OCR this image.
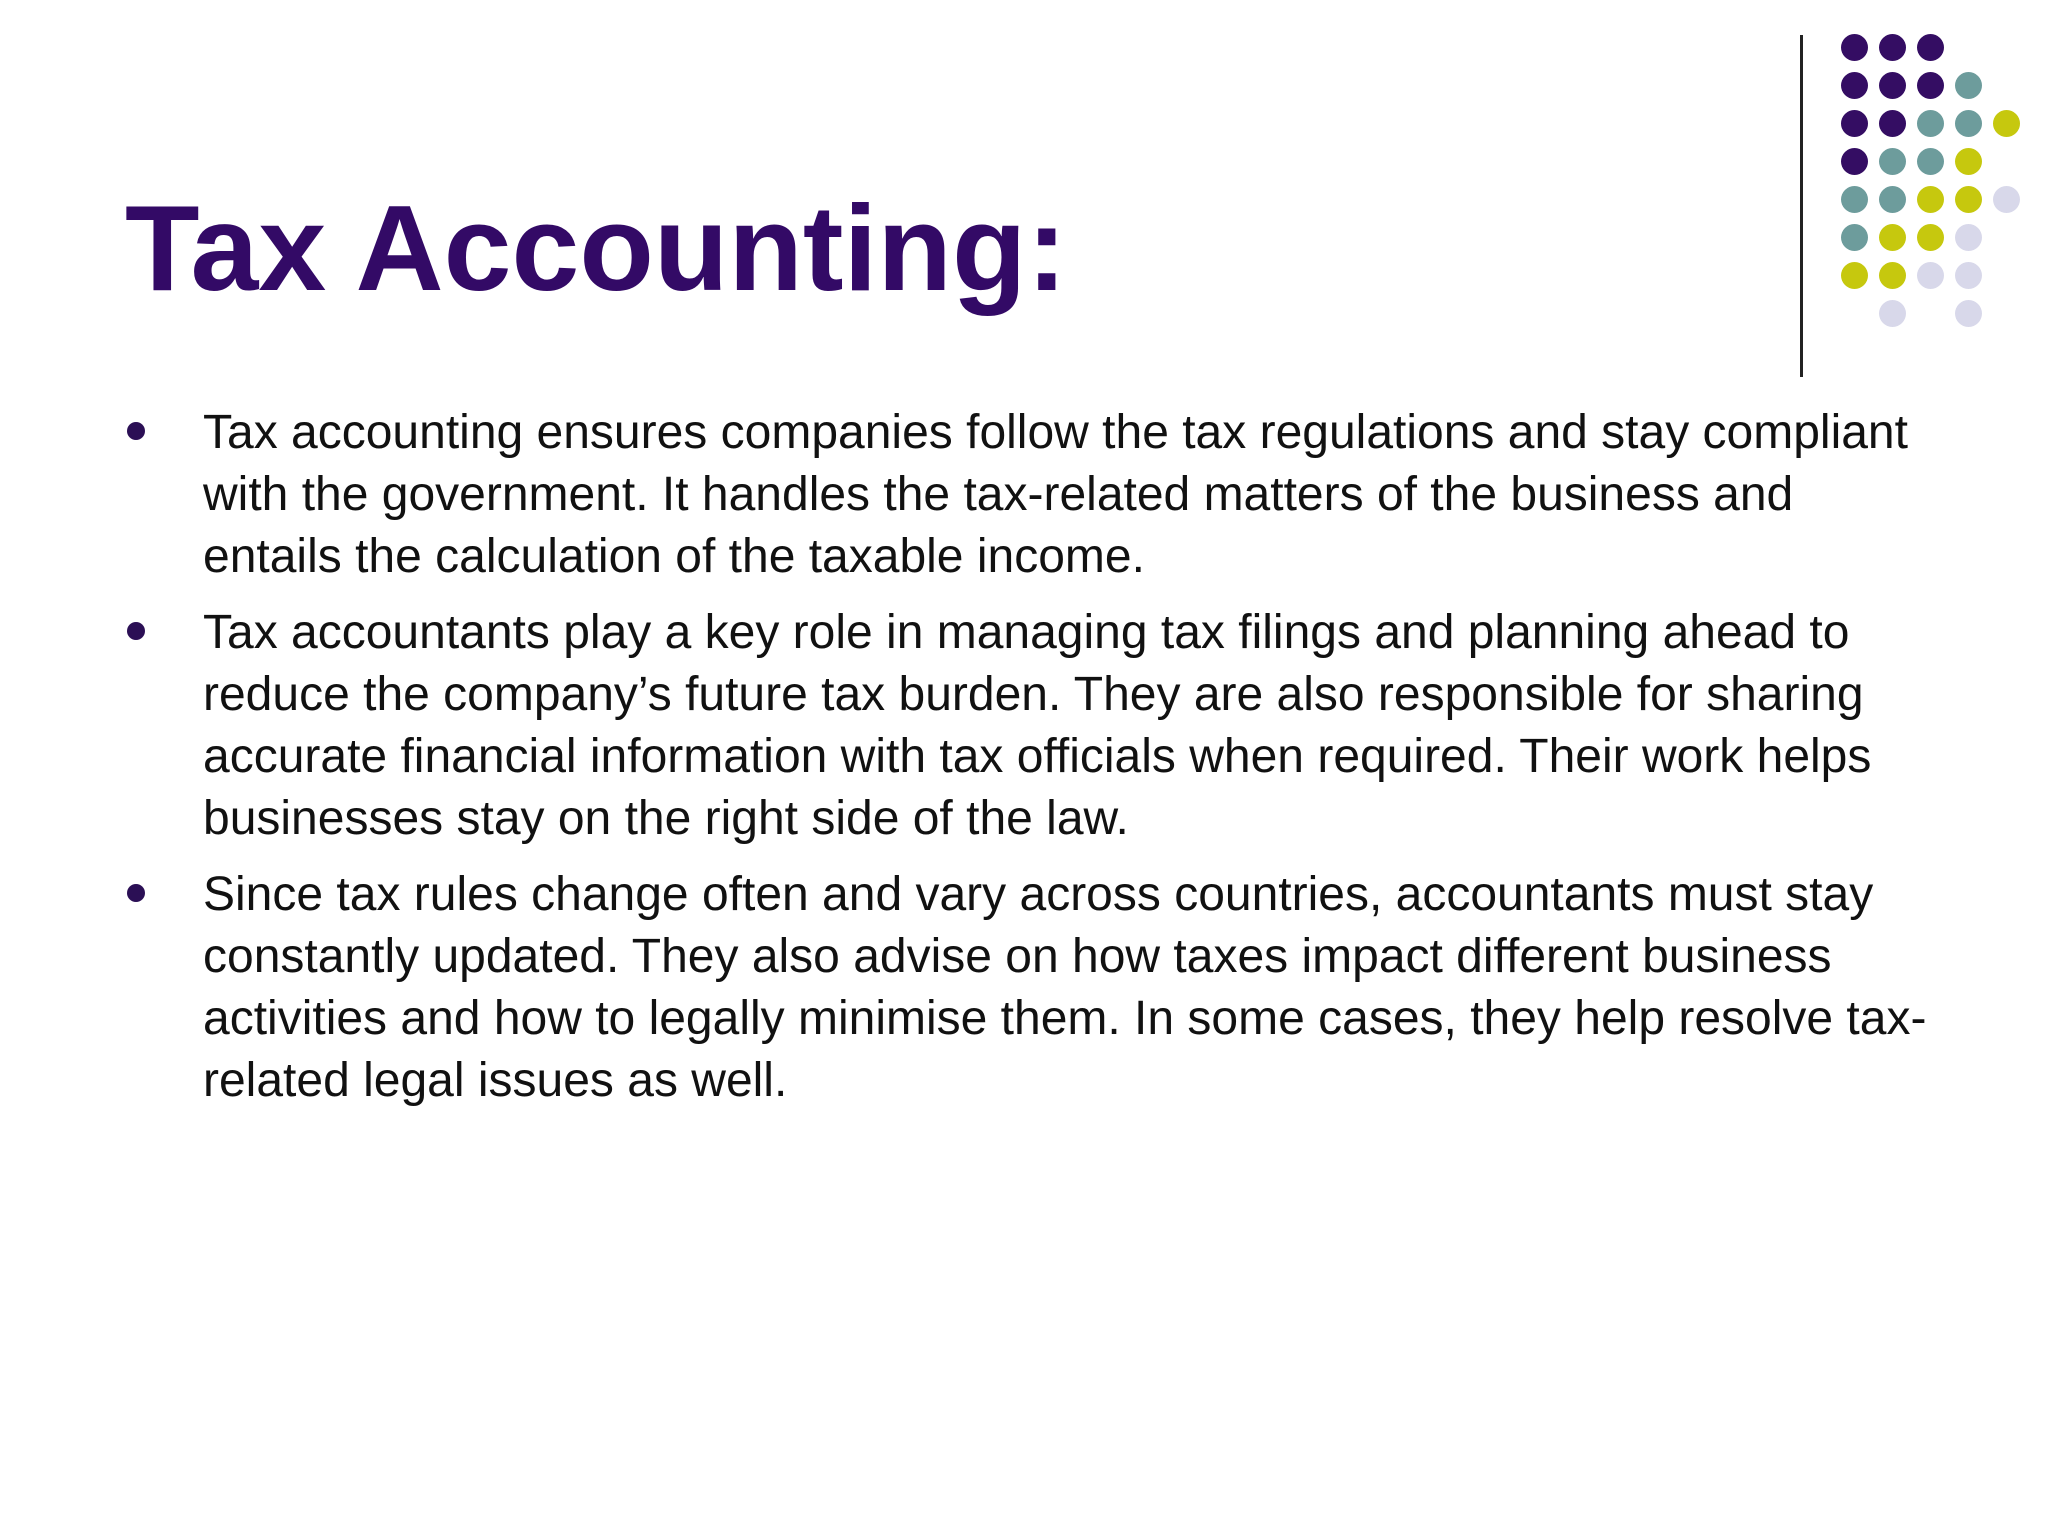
Tax Accounting:
Tax accounting ensures companies follow the tax regulations and stay compliant with the government. It handles the tax-related matters of the business and entails the calculation of the taxable income.
Tax accountants play a key role in managing tax filings and planning ahead to reduce the company’s future tax burden. They are also responsible for sharing accurate financial information with tax officials when required. Their work helps businesses stay on the right side of the law.
Since tax rules change often and vary across countries, accountants must stay constantly updated. They also advise on how taxes impact different business activities and how to legally minimise them. In some cases, they help resolve tax-related legal issues as well.
